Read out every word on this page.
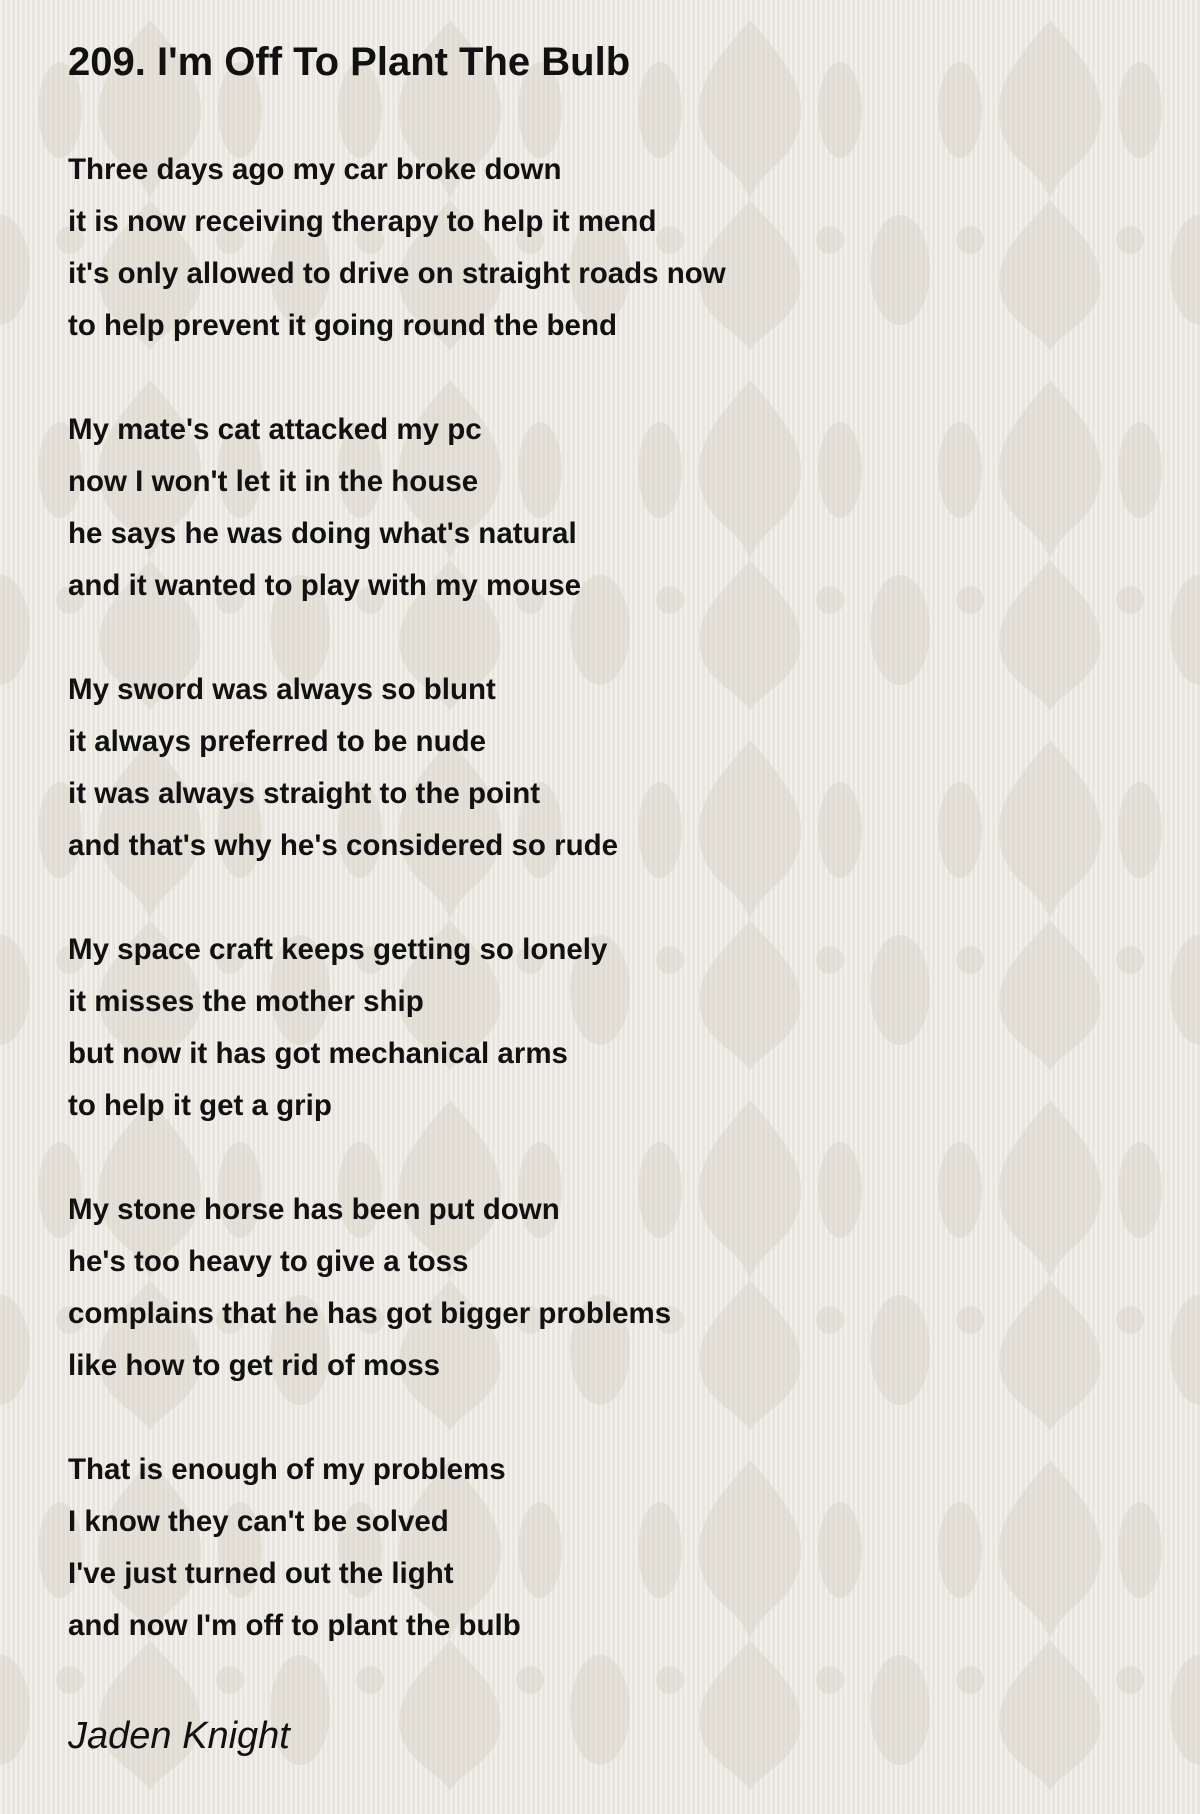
209. I'm Off To Plant The Bulb
Three days ago my car broke down
it is now receiving therapy to help it mend
it's only allowed to drive on straight roads now
to help prevent it going round the bend
My mate's cat attacked my pc
now I won't let it in the house
he says he was doing what's natural
and it wanted to play with my mouse
My sword was always so blunt
it always preferred to be nude
it was always straight to the point
and that's why he's considered so rude
My space craft keeps getting so lonely
it misses the mother ship
but now it has got mechanical arms
to help it get a grip
My stone horse has been put down
he's too heavy to give a toss
complains that he has got bigger problems
like how to get rid of moss
That is enough of my problems
I know they can't be solved
I've just turned out the light
and now I'm off to plant the bulb
Jaden Knight
